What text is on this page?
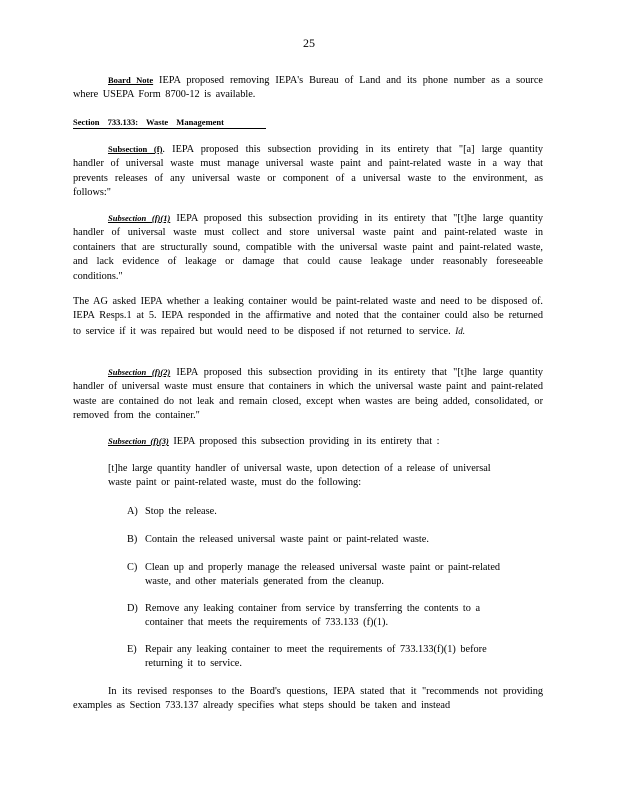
25
Board Note IEPA proposed removing IEPA's Bureau of Land and its phone number as a source where USEPA Form 8700-12 is available.
Section 733.133: Waste Management
Subsection (f). IEPA proposed this subsection providing in its entirety that "[a] large quantity handler of universal waste must manage universal waste paint and paint-related waste in a way that prevents releases of any universal waste or component of a universal waste to the environment, as follows:"
Subsection (f)(1) IEPA proposed this subsection providing in its entirety that "[t]he large quantity handler of universal waste must collect and store universal waste paint and paint-related waste in containers that are structurally sound, compatible with the universal waste paint and paint-related waste, and lack evidence of leakage or damage that could cause leakage under reasonably foreseeable conditions."
The AG asked IEPA whether a leaking container would be paint-related waste and need to be disposed of. IEPA Resps.1 at 5. IEPA responded in the affirmative and noted that the container could also be returned to service if it was repaired but would need to be disposed if not returned to service. Id.
Subsection (f)(2) IEPA proposed this subsection providing in its entirety that "[t]he large quantity handler of universal waste must ensure that containers in which the universal waste paint and paint-related waste are contained do not leak and remain closed, except when wastes are being added, consolidated, or removed from the container."
Subsection (f)(3) IEPA proposed this subsection providing in its entirety that :
[t]he large quantity handler of universal waste, upon detection of a release of universal waste paint or paint-related waste, must do the following:
A) Stop the release.
B) Contain the released universal waste paint or paint-related waste.
C) Clean up and properly manage the released universal waste paint or paint-related waste, and other materials generated from the cleanup.
D) Remove any leaking container from service by transferring the contents to a container that meets the requirements of 733.133 (f)(1).
E) Repair any leaking container to meet the requirements of 733.133(f)(1) before returning it to service.
In its revised responses to the Board's questions, IEPA stated that it "recommends not providing examples as Section 733.137 already specifies what steps should be taken and instead
